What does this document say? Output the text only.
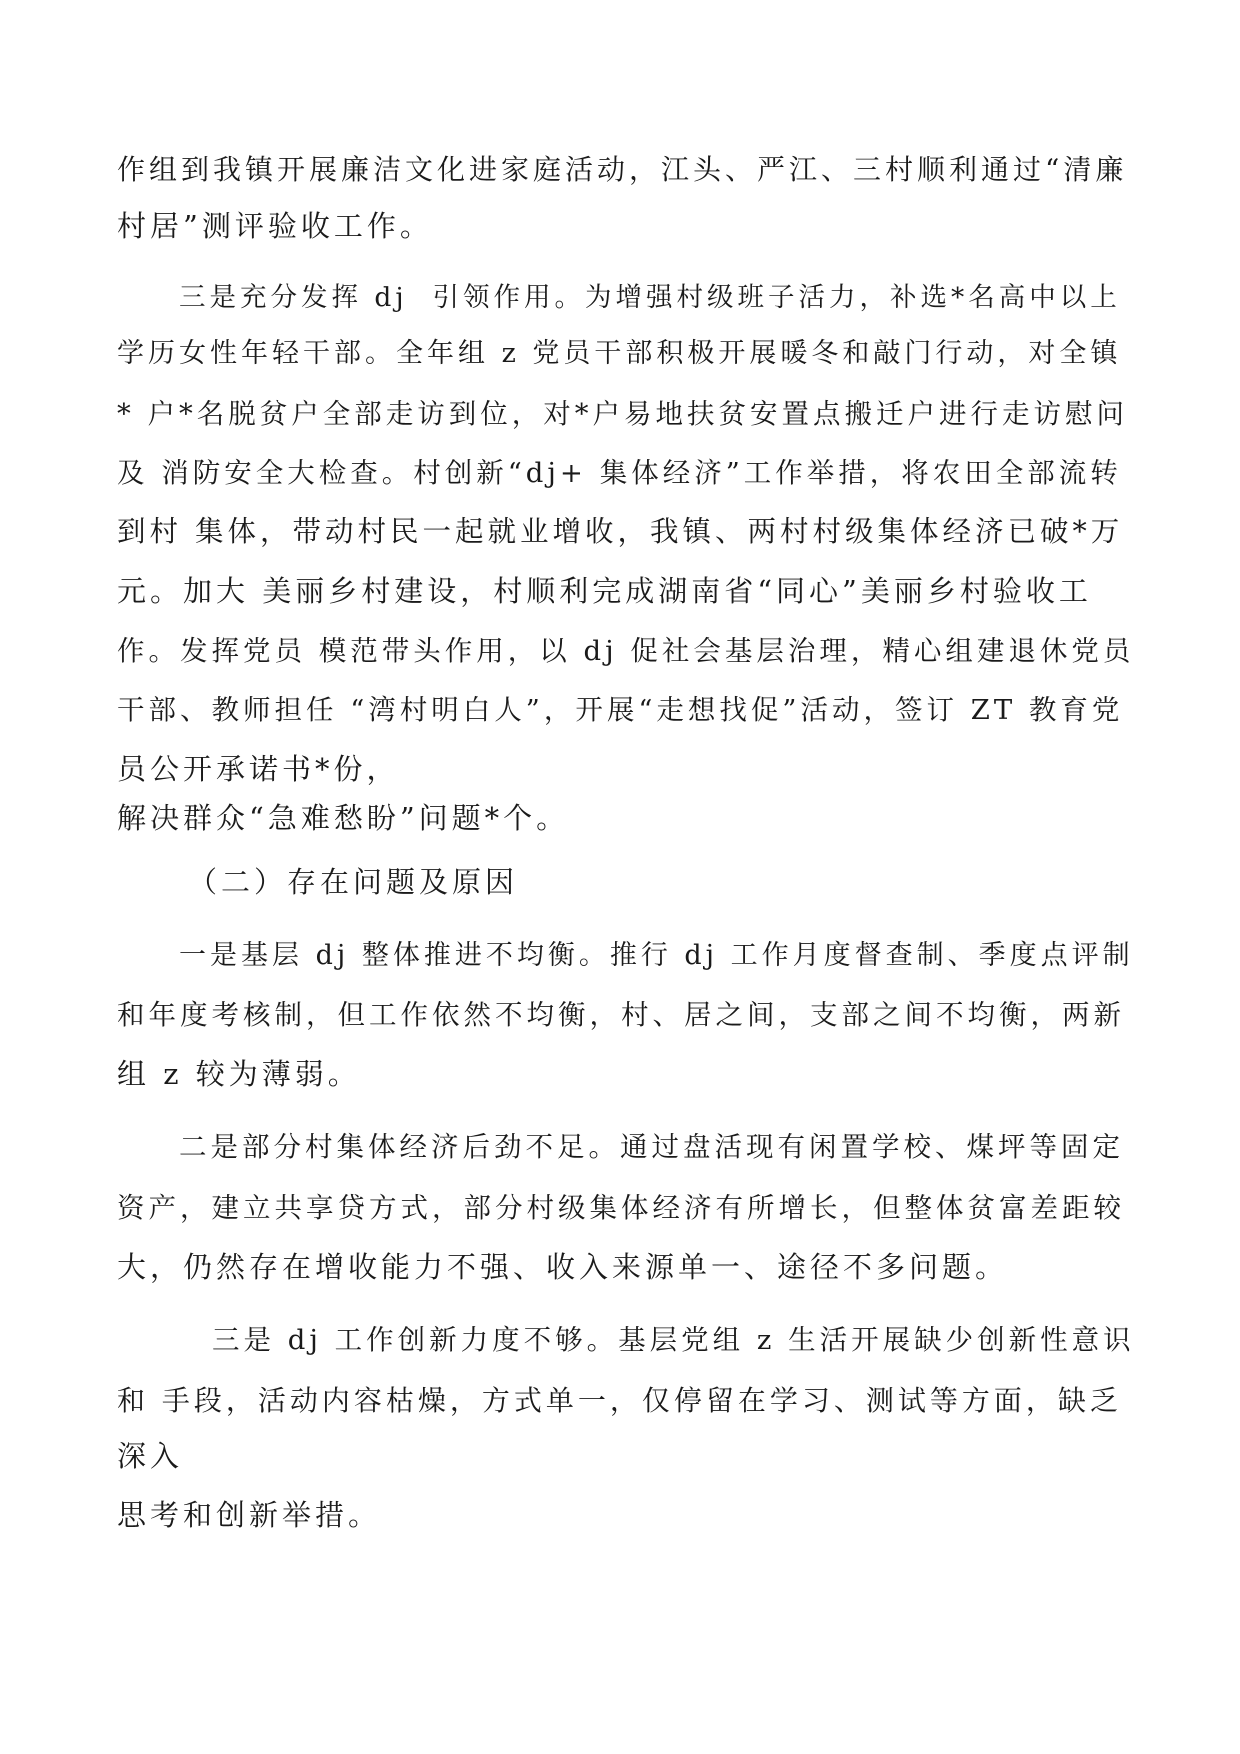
作组到我镇开展廉洁文化进家庭活动，江头、严江、三村顺利通过“清廉
村居”测评验收工作。
三是充分发挥 dj  引领作用。为增强村级班子活力，补选*名高中以上
学历女性年轻干部。全年组 z 党员干部积极开展暖冬和敲门行动，对全镇
* 户*名脱贫户全部走访到位，对*户易地扶贫安置点搬迁户进行走访慰问
及 消防安全大检查。村创新“dj+ 集体经济”工作举措，将农田全部流转
到村 集体，带动村民一起就业增收，我镇、两村村级集体经济已破*万
元。加大 美丽乡村建设，村顺利完成湖南省“同心”美丽乡村验收工
作。发挥党员 模范带头作用，以 dj 促社会基层治理，精心组建退休党员
干部、教师担任 “湾村明白人”，开展“走想找促”活动，签订 ZT 教育党
员公开承诺书*份，
解决群众“急难愁盼”问题*个。
（二）存在问题及原因
一是基层 dj 整体推进不均衡。推行 dj 工作月度督查制、季度点评制
和年度考核制，但工作依然不均衡，村、居之间，支部之间不均衡，两新
组 z 较为薄弱。
二是部分村集体经济后劲不足。通过盘活现有闲置学校、煤坪等固定
资产，建立共享贷方式，部分村级集体经济有所增长，但整体贫富差距较
大，仍然存在增收能力不强、收入来源单一、途径不多问题。
三是 dj 工作创新力度不够。基层党组 z 生活开展缺少创新性意识
和 手段，活动内容枯燥，方式单一，仅停留在学习、测试等方面，缺乏
深入
思考和创新举措。
